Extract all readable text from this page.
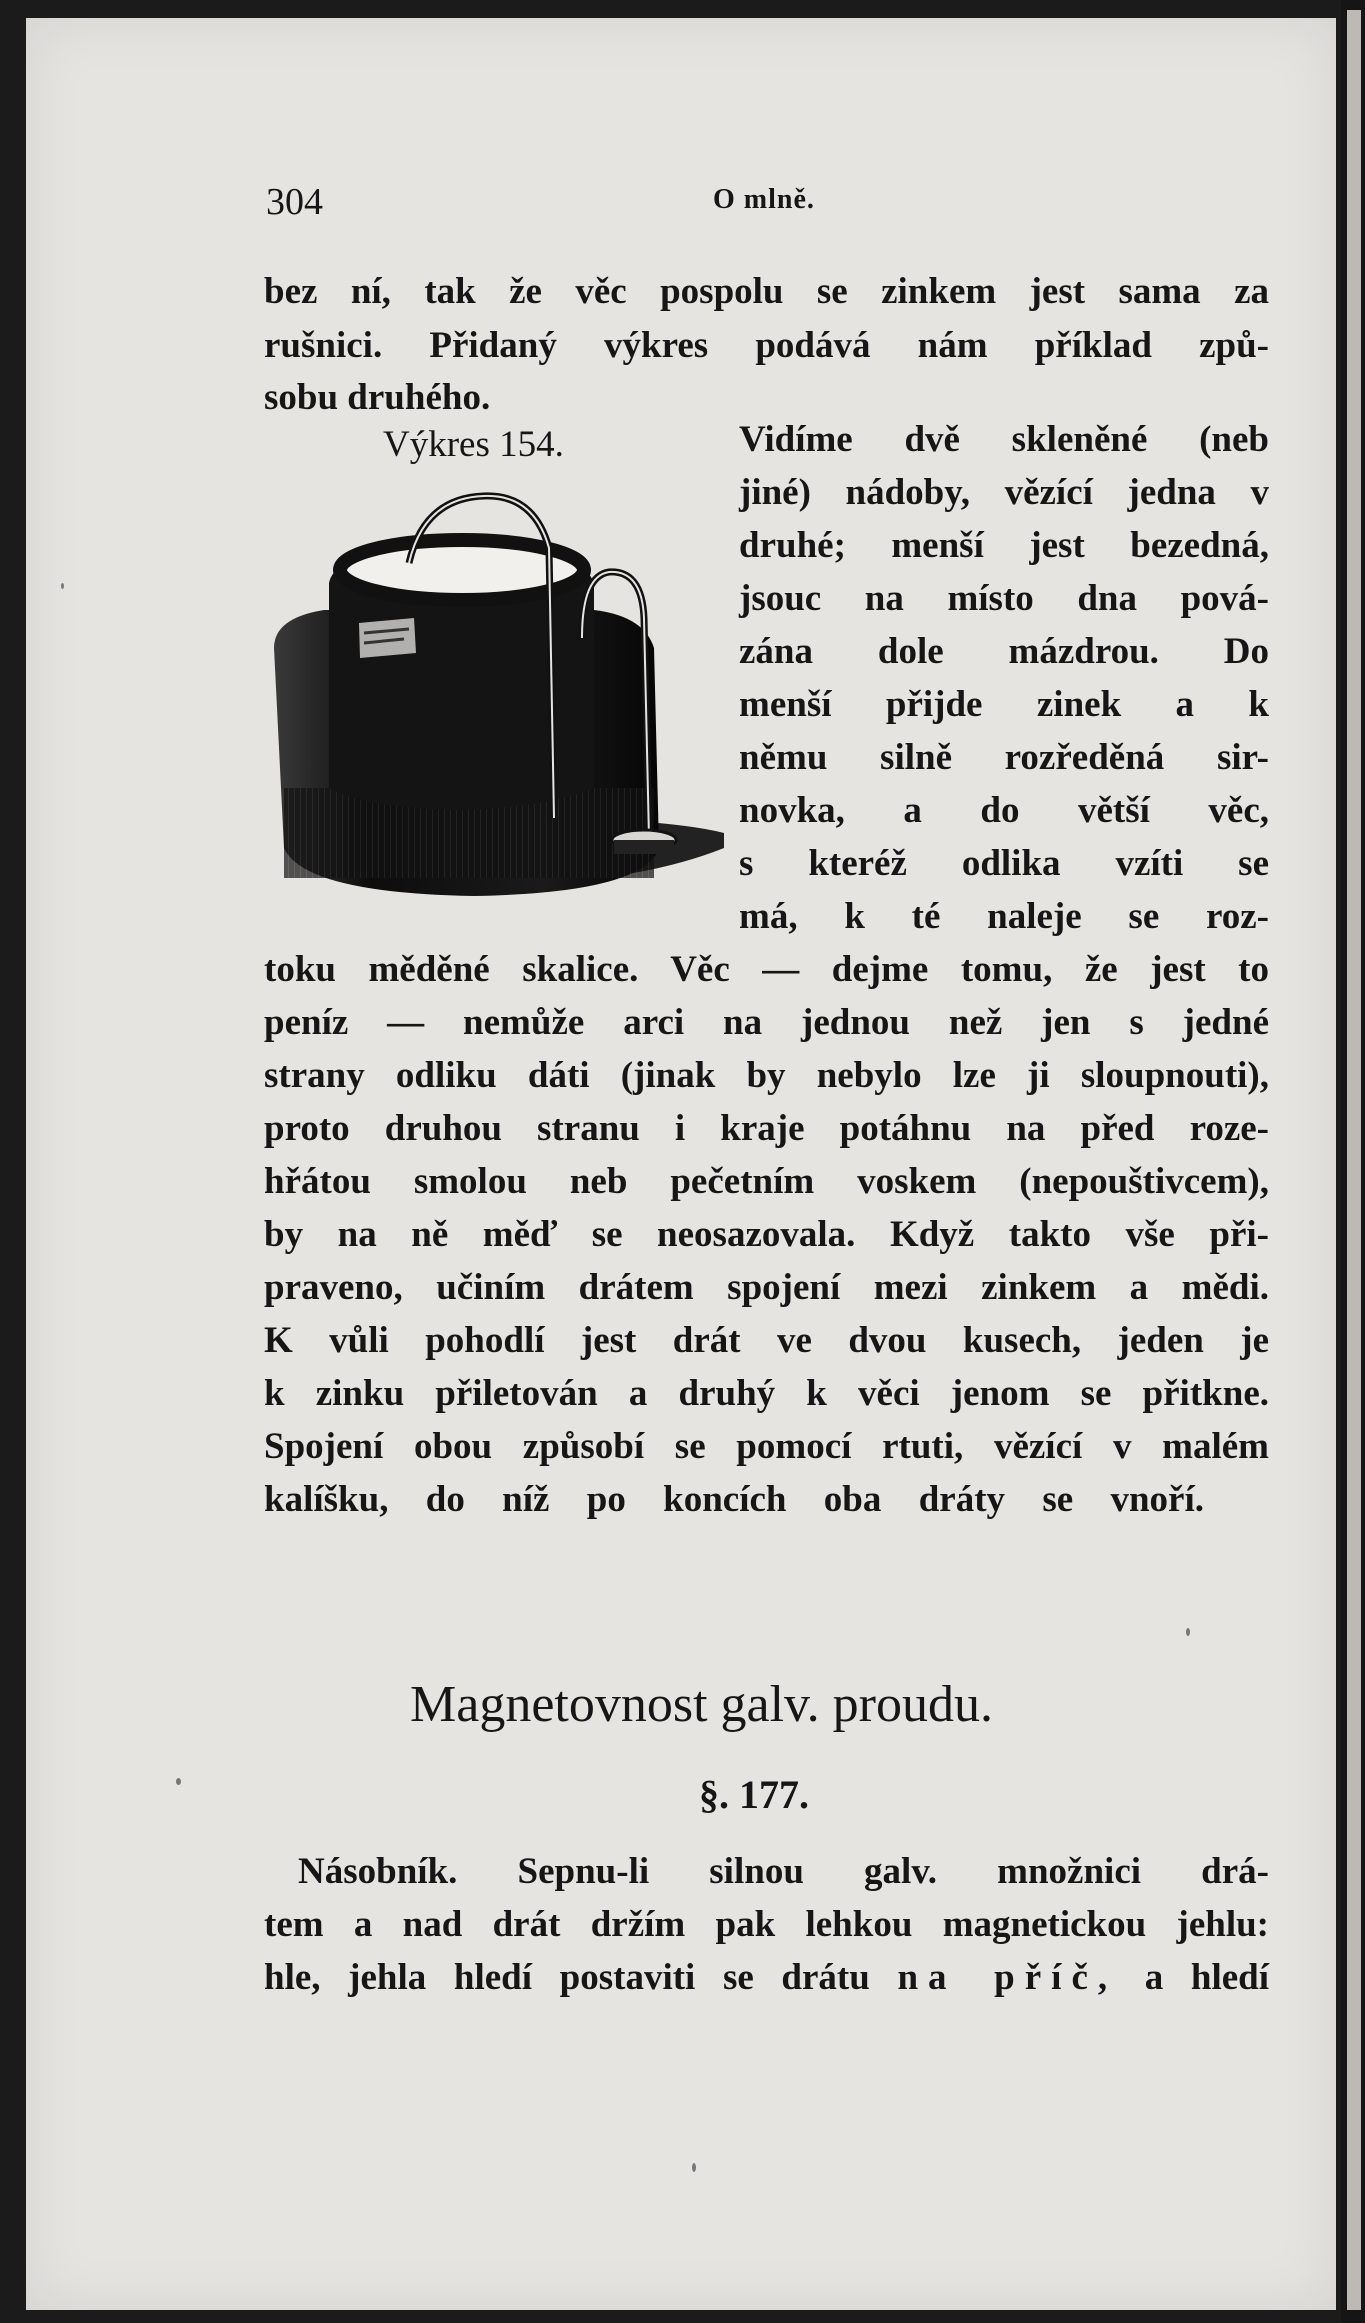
304	O mlně.
bez ní, tak že věc pospolu se zinkem jest sama za
rušnici. Přidaný výkres podává nám příklad způ-
sobu druhého.
Výkres 154.	Vidíme dvě skleněné (neb
jiné) nádoby, vězící jedna v
druhé; menší jest bezedná,
jsouc na místo dna pová-
zána dole mázdrou. Do
menší přijde zinek a k
němu silně rozředěná sir-
novka, a do větší věc,
s kteréž odlika vzíti se
má, k té naleje se roz-
toku měděné skalice. Věc — dejme tomu, že jest to
peníz — nemůže arci na jednou než jen s jedné
strany odliku dáti (jinak by nebylo lze ji sloupnouti),
proto druhou stranu i kraje potáhnu na před roze-
hřátou smolou neb pečetním voskem (nepouštivcem),
by na ně měď se neosazovala. Když takto vše při-
praveno, učiním drátem spojení mezi zinkem a mědi.
K vůli pohodlí jest drát ve dvou kusech, jeden je
k zinku přiletován a druhý k věci jenom se přitkne.
Spojení obou způsobí se pomocí rtuti, vězící v malém
kalíšku, do níž po koncích oba dráty se vnoří.
Magnetovnost galv. proudu.
§. 177.
Násobník. Sepnu-li silnou galv. množnici drá-
tem a nad drát držím pak lehkou magnetickou jehlu:
hle, jehla hledí postaviti se drátu na příč, a hledí
